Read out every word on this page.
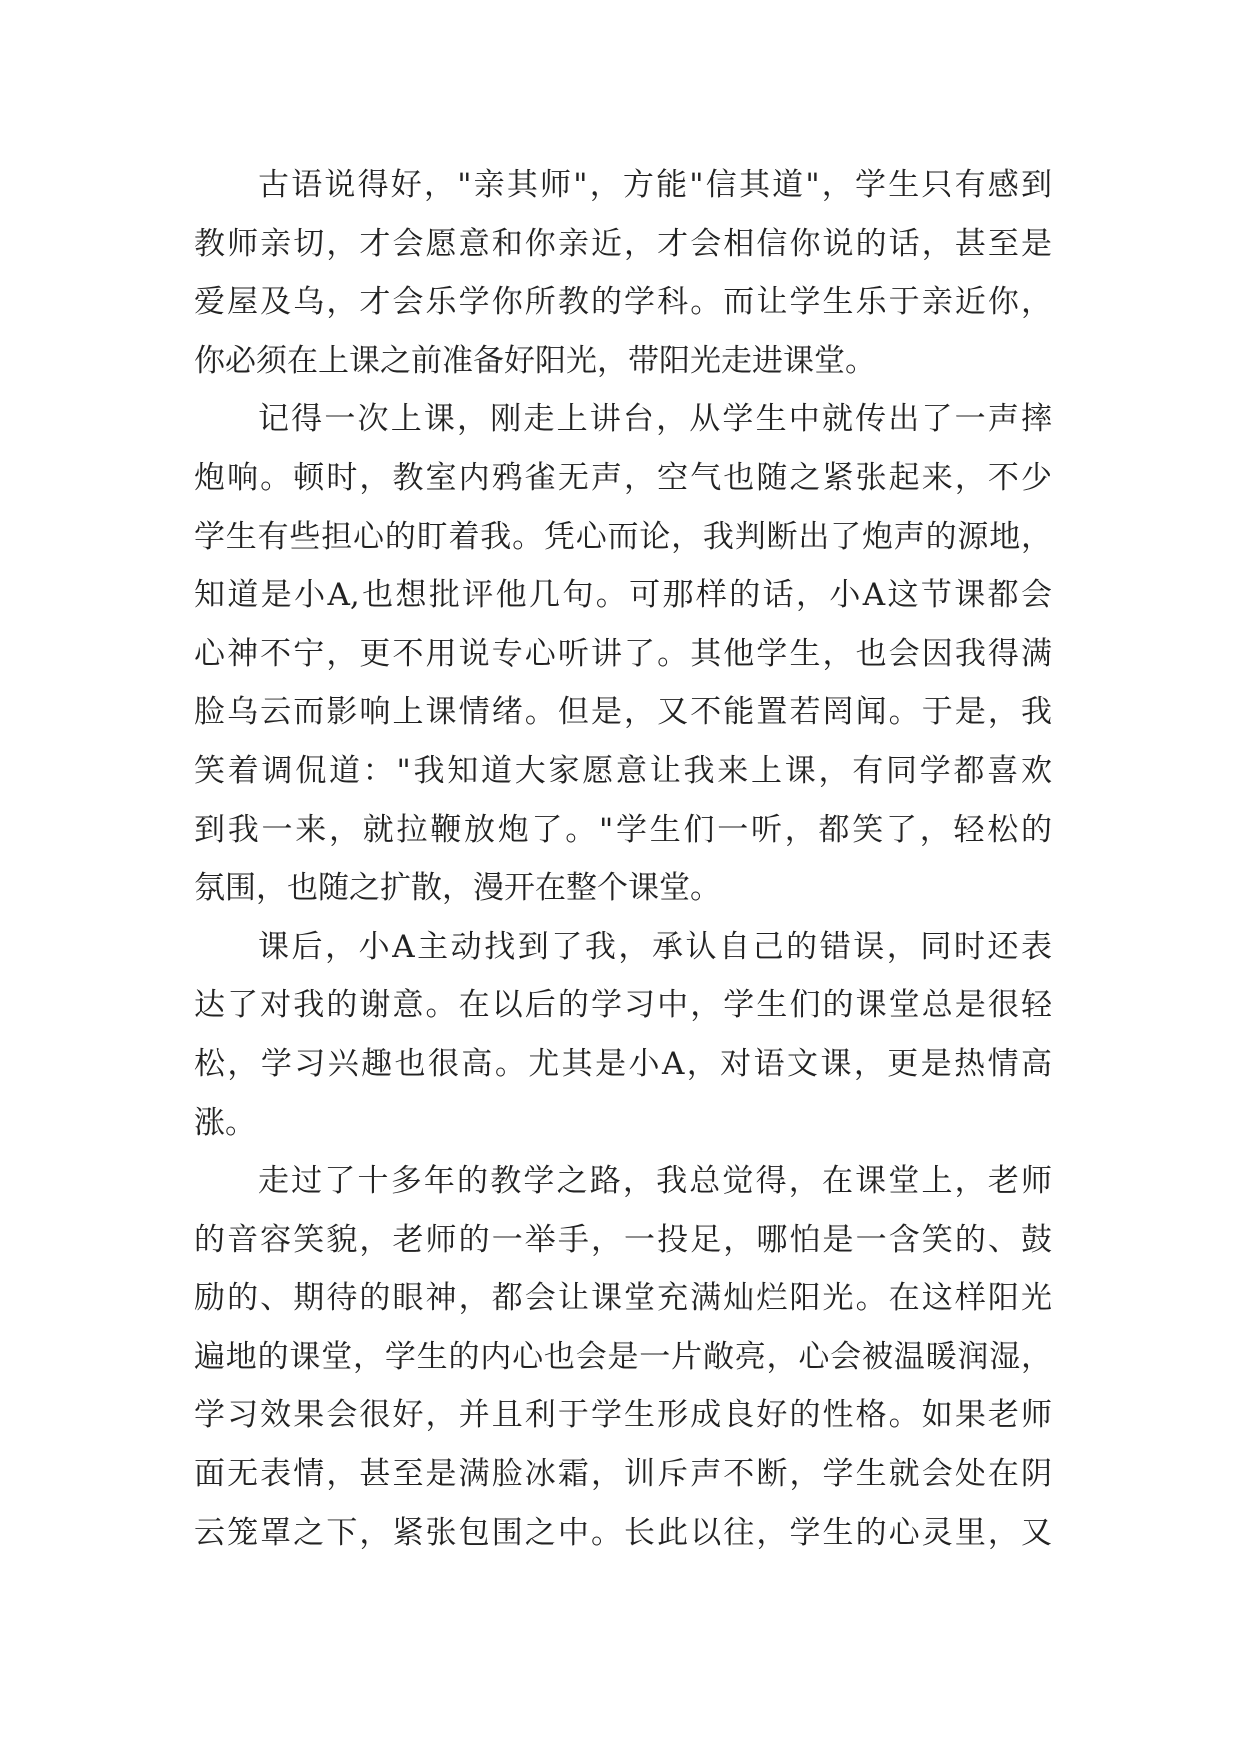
古语说得好，"亲其师"，方能"信其道"，学生只有感到
教师亲切，才会愿意和你亲近，才会相信你说的话，甚至是
爱屋及乌，才会乐学你所教的学科。而让学生乐于亲近你，
你必须在上课之前准备好阳光，带阳光走进课堂。
记得一次上课，刚走上讲台，从学生中就传出了一声摔
炮响。顿时，教室内鸦雀无声，空气也随之紧张起来，不少
学生有些担心的盯着我。凭心而论，我判断出了炮声的源地，
知道是小A,也想批评他几句。可那样的话，小A这节课都会
心神不宁，更不用说专心听讲了。其他学生，也会因我得满
脸乌云而影响上课情绪。但是，又不能置若罔闻。于是，我
笑着调侃道："我知道大家愿意让我来上课，有同学都喜欢
到我一来，就拉鞭放炮了。"学生们一听，都笑了，轻松的
氛围，也随之扩散，漫开在整个课堂。
课后，小A主动找到了我，承认自己的错误，同时还表
达了对我的谢意。在以后的学习中，学生们的课堂总是很轻
松，学习兴趣也很高。尤其是小A，对语文课，更是热情高
涨。
走过了十多年的教学之路，我总觉得，在课堂上，老师
的音容笑貌，老师的一举手，一投足，哪怕是一含笑的、鼓
励的、期待的眼神，都会让课堂充满灿烂阳光。在这样阳光
遍地的课堂，学生的内心也会是一片敞亮，心会被温暖润湿，
学习效果会很好，并且利于学生形成良好的性格。如果老师
面无表情，甚至是满脸冰霜，训斥声不断，学生就会处在阴
云笼罩之下，紧张包围之中。长此以往，学生的心灵里，又
